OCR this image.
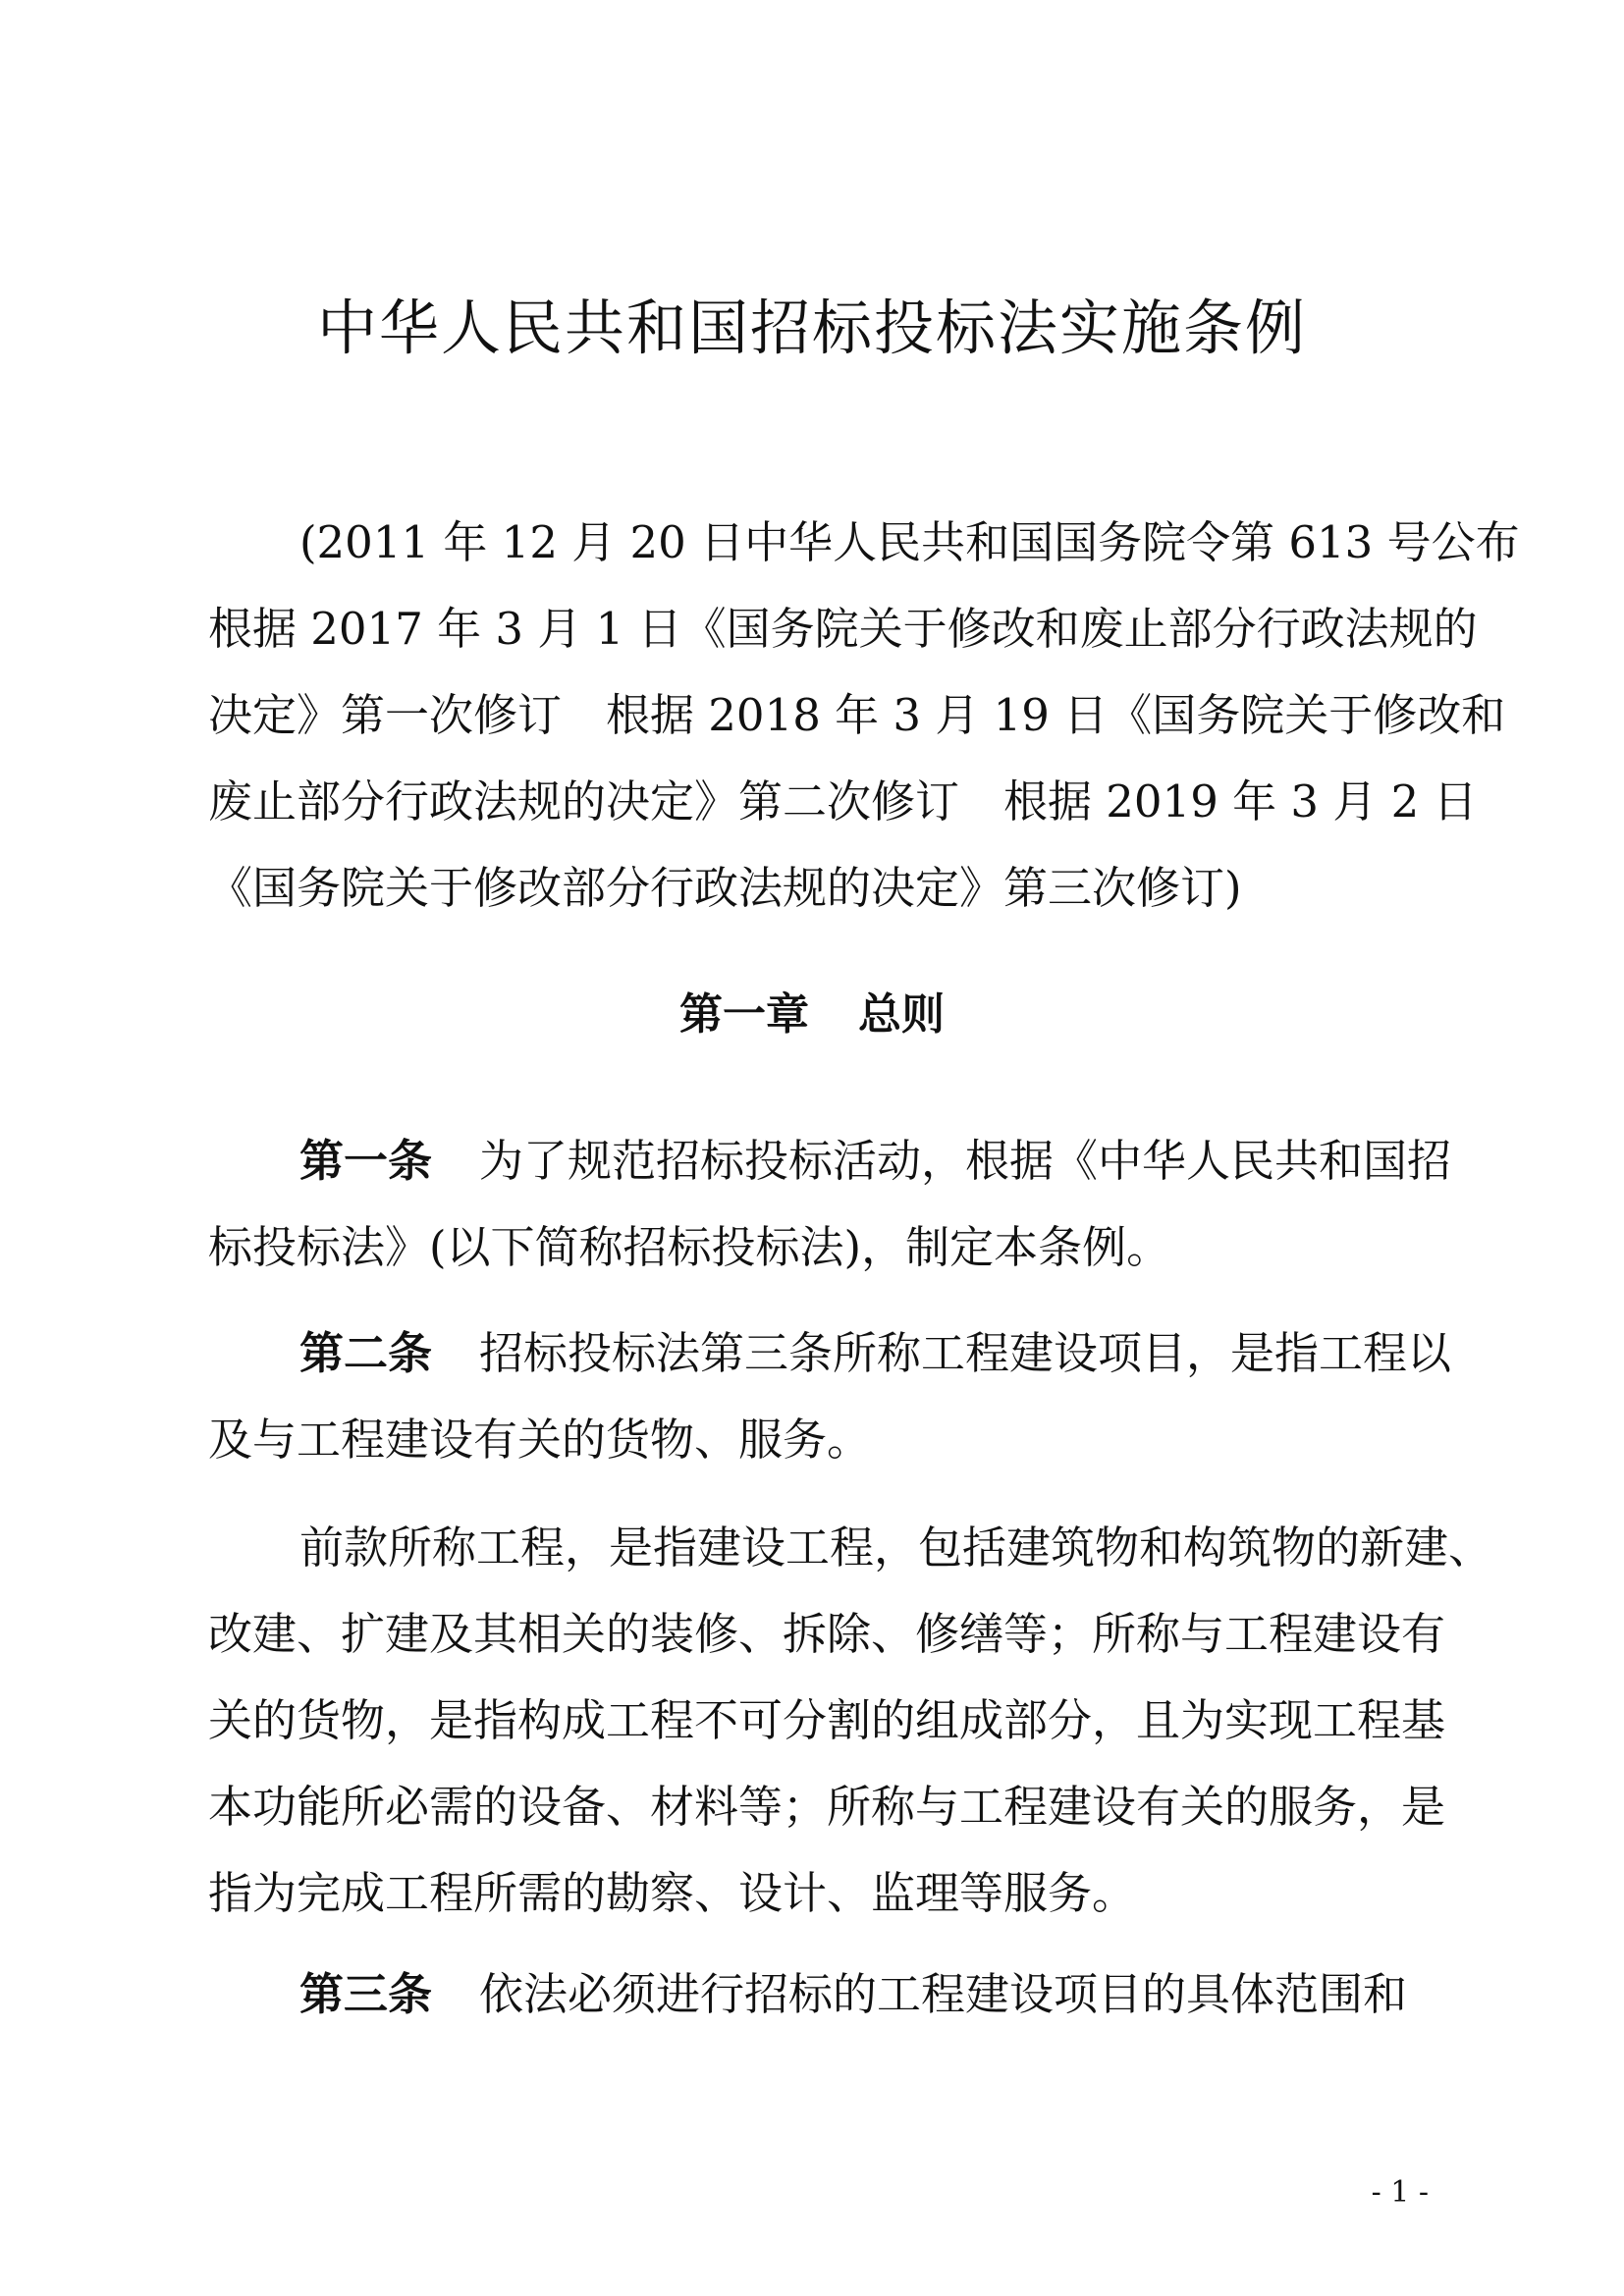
中华人民共和国招标投标法实施条例
(2011 年 12 月 20 日中华人民共和国国务院令第 613 号公布
根据 2017 年 3 月 1 日《国务院关于修改和废止部分行政法规的
决定》第一次修订　根据 2018 年 3 月 19 日《国务院关于修改和
废止部分行政法规的决定》第二次修订　根据 2019 年 3 月 2 日
《国务院关于修改部分行政法规的决定》第三次修订)
第一章 总则
第一条 为了规范招标投标活动，根据《中华人民共和国招
标投标法》(以下简称招标投标法)，制定本条例。
第二条 招标投标法第三条所称工程建设项目，是指工程以
及与工程建设有关的货物、服务。
前款所称工程，是指建设工程，包括建筑物和构筑物的新建、
改建、扩建及其相关的装修、拆除、修缮等；所称与工程建设有
关的货物，是指构成工程不可分割的组成部分，且为实现工程基
本功能所必需的设备、材料等；所称与工程建设有关的服务，是
指为完成工程所需的勘察、设计、监理等服务。
第三条 依法必须进行招标的工程建设项目的具体范围和
- 1 -
